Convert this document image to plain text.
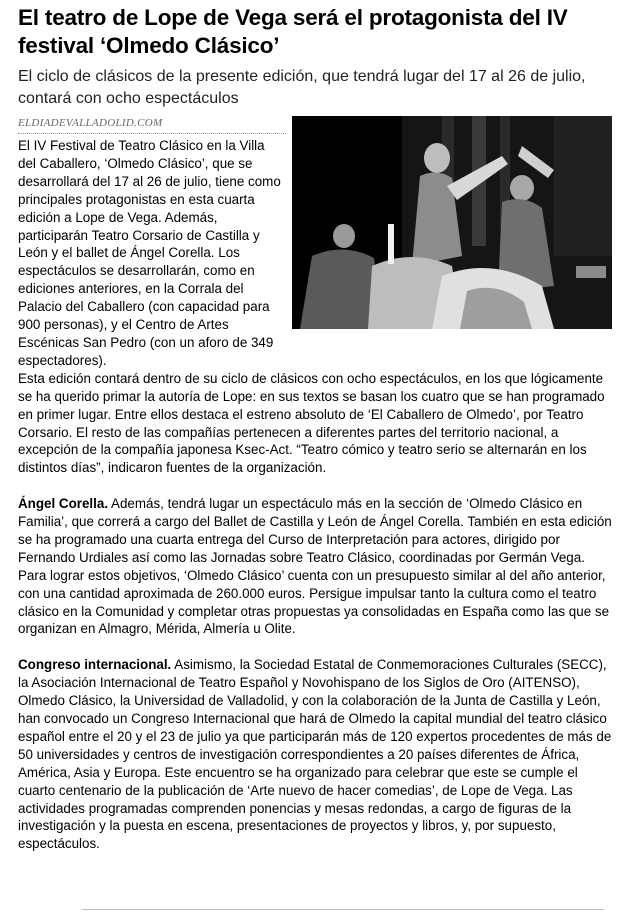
El teatro de Lope de Vega será el protagonista del IV festival ‘Olmedo Clásico’

El ciclo de clásicos de la presente edición, que tendrá lugar del 17 al 26 de julio, contará con ocho espectáculos

ELDIADEVALLADOLID.COM

El IV Festival de Teatro Clásico en la Villa del Caballero, ‘Olmedo Clásico’, que se desarrollará del 17 al 26 de julio, tiene como principales protagonistas en esta cuarta edición a Lope de Vega. Además, participarán Teatro Corsario de Castilla y León y el ballet de Ángel Corella. Los espectáculos se desarrollarán, como en ediciones anteriores, en la Corrala del Palacio del Caballero (con capacidad para 900 personas), y el Centro de Artes Escénicas San Pedro (con un aforo de 349 espectadores).

Esta edición contará dentro de su ciclo de clásicos con ocho espectáculos, en los que lógicamente se ha querido primar la autoría de Lope: en sus textos se basan los cuatro que se han programado en primer lugar. Entre ellos destaca el estreno absoluto de ‘El Caballero de Olmedo’, por Teatro Corsario. El resto de las compañías pertenecen a diferentes partes del territorio nacional, a excepción de la compañía japonesa Ksec-Act. “Teatro cómico y teatro serio se alternarán en los distintos días”, indicaron fuentes de la organización.

Ángel Corella. Además, tendrá lugar un espectáculo más en la sección de ‘Olmedo Clásico en Familia’, que correrá a cargo del Ballet de Castilla y León de Ángel Corella. También en esta edición se ha programado una cuarta entrega del Curso de Interpretación para actores, dirigido por Fernando Urdiales así como las Jornadas sobre Teatro Clásico, coordinadas por Germán Vega.

Para lograr estos objetivos, ‘Olmedo Clásico’ cuenta con un presupuesto similar al del año anterior, con una cantidad aproximada de 260.000 euros. Persigue impulsar tanto la cultura como el teatro clásico en la Comunidad y completar otras propuestas ya consolidadas en España como las que se organizan en Almagro, Mérida, Almería u Olite.

Congreso internacional. Asimismo, la Sociedad Estatal de Conmemoraciones Culturales (SECC), la Asociación Internacional de Teatro Español y Novohispano de los Siglos de Oro (AITENSO), Olmedo Clásico, la Universidad de Valladolid, y con la colaboración de la Junta de Castilla y León, han convocado un Congreso Internacional que hará de Olmedo la capital mundial del teatro clásico español entre el 20 y el 23 de julio ya que participarán más de 120 expertos procedentes de más de 50 universidades y centros de investigación correspondientes a 20 países diferentes de África, América, Asia y Europa. Este encuentro se ha organizado para celebrar que este se cumple el cuarto centenario de la publicación de ‘Arte nuevo de hacer comedias’, de Lope de Vega. Las actividades programadas comprenden ponencias y mesas redondas, a cargo de figuras de la investigación y la puesta en escena, presentaciones de proyectos y libros, y, por supuesto, espectáculos.
